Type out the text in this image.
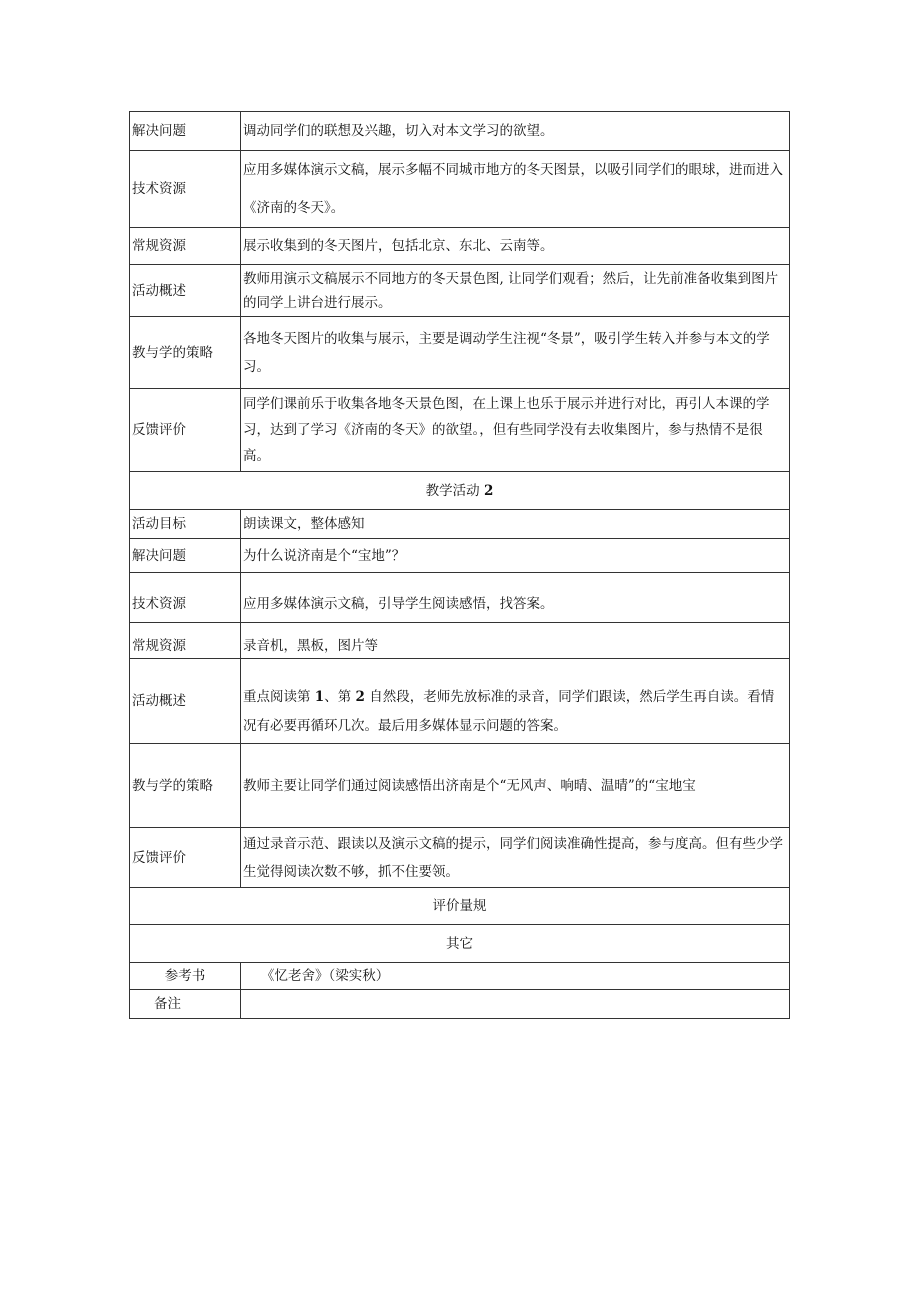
解决问题	调动同学们的联想及兴趣，切入对本文学习的欲望。
技术资源	应用多媒体演示文稿，展示多幅不同城市地方的冬天图景，以吸引同学们的眼球，进而进入《济南的冬天》。
常规资源	展示收集到的冬天图片，包括北京、东北、云南等。
活动概述	教师用演示文稿展示不同地方的冬天景色图, 让同学们观看；然后，让先前准备收集到图片的同学上讲台进行展示。
教与学的策略	各地冬天图片的收集与展示，主要是调动学生注视“冬景”，吸引学生转入并参与本文的学习。
反馈评价	同学们课前乐于收集各地冬天景色图，在上课上也乐于展示并进行对比，再引人本课的学习，达到了学习《济南的冬天》的欲望。，但有些同学没有去收集图片，参与热情不是很高。
教学活动 2	
活动目标	朗读课文，整体感知
解决问题	为什么说济南是个“宝地”？
技术资源	应用多媒体演示文稿，引导学生阅读感悟，找答案。
常规资源	录音机，黑板，图片等
活动概述	重点阅读第 1、第 2 自然段，老师先放标准的录音，同学们跟读，然后学生再自读。看情况有必要再循环几次。最后用多媒体显示问题的答案。
教与学的策略	教师主要让同学们通过阅读感悟出济南是个“无风声、响晴、温晴”的“宝地宝
反馈评价	通过录音示范、跟读以及演示文稿的提示，同学们阅读准确性提高，参与度高。但有些少学生觉得阅读次数不够，抓不住要领。
评价量规	
其它	
参考书	《忆老舍》（梁实秋）
备注	
